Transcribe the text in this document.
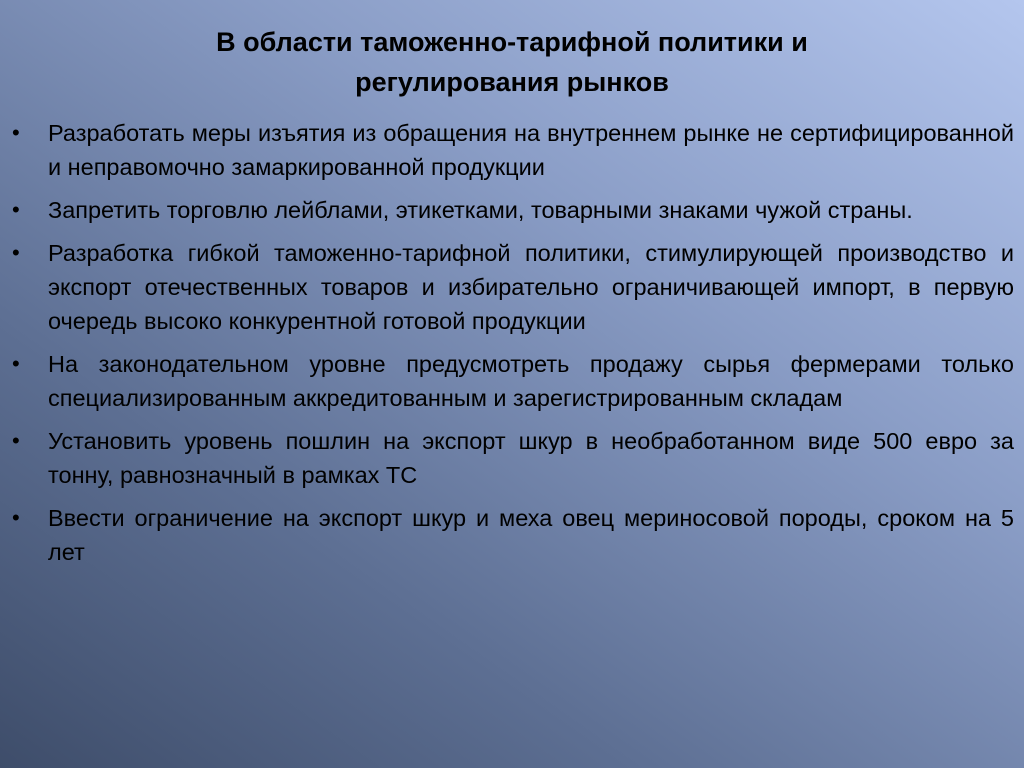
В области таможенно-тарифной политики и
регулирования рынков
• Разработать меры изъятия из обращения на внутреннем рынке не сертифицированной и неправомочно замаркированной продукции
• Запретить торговлю лейблами, этикетками, товарными знаками чужой страны.
• Разработка гибкой таможенно-тарифной политики, стимулирующей производство и экспорт отечественных товаров и избирательно ограничивающей импорт, в первую очередь высоко конкурентной готовой продукции
• На законодательном уровне предусмотреть продажу сырья фермерами только специализированным аккредитованным и зарегистрированным складам
• Установить уровень пошлин на экспорт шкур в необработанном виде 500 евро за тонну, равнозначный в рамках ТС
• Ввести ограничение на экспорт шкур и меха овец мериносовой породы, сроком на 5 лет
